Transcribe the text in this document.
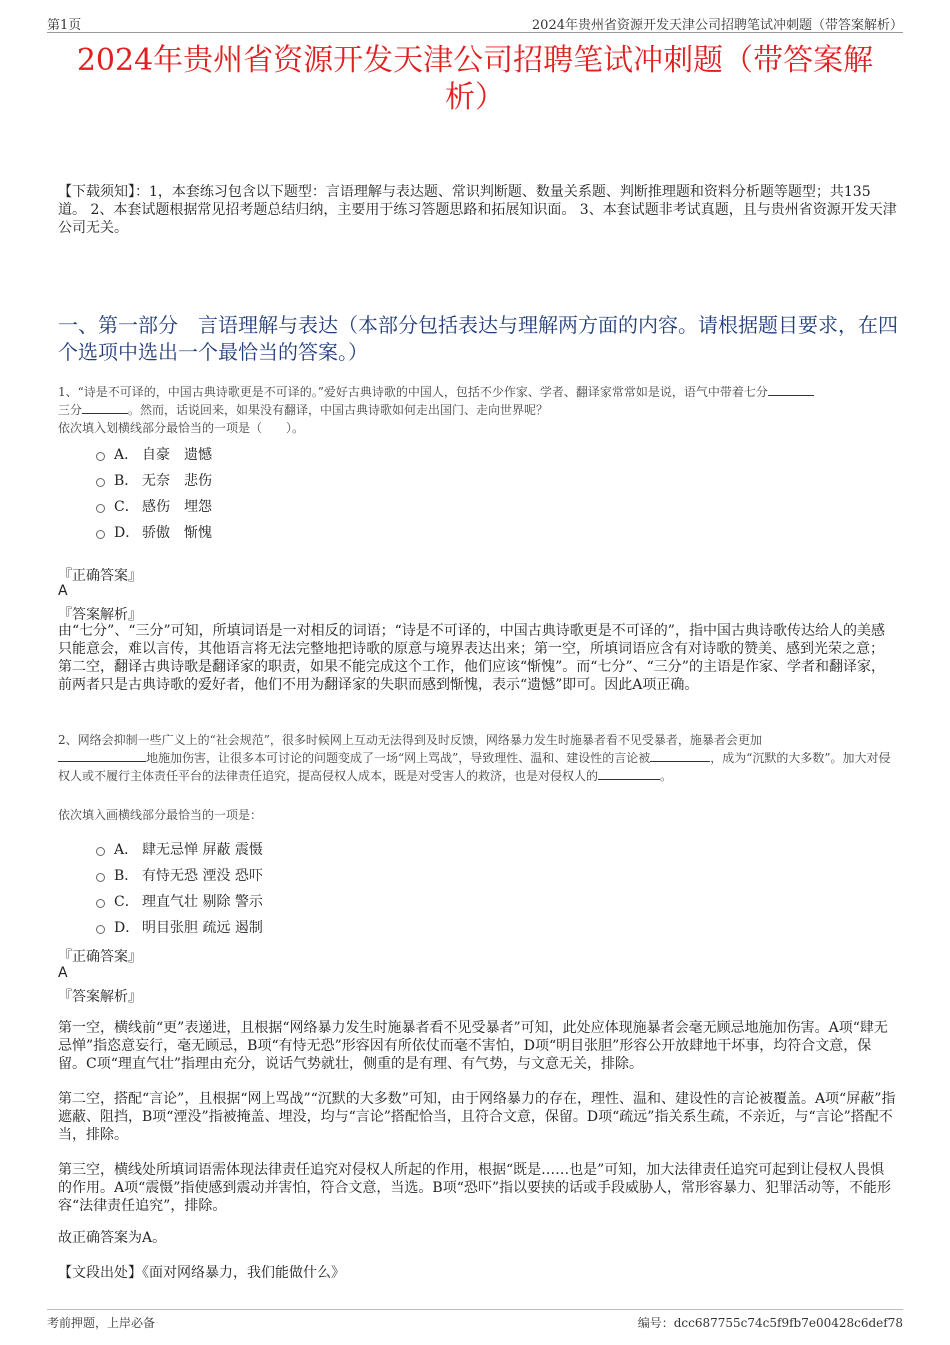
第1页	2024年贵州省资源开发天津公司招聘笔试冲刺题（带答案解析）
2024年贵州省资源开发天津公司招聘笔试冲刺题（带答案解析）
【下载须知】：1，本套练习包含以下题型：言语理解与表达题、常识判断题、数量关系题、判断推理题和资料分析题等题型；共135道。 2、本套试题根据常见招考题总结归纳，主要用于练习答题思路和拓展知识面。 3、本套试题非考试真题，且与贵州省资源开发天津公司无关。
一、第一部分　言语理解与表达（本部分包括表达与理解两方面的内容。请根据题目要求，在四个选项中选出一个最恰当的答案。）
1、“诗是不可译的，中国古典诗歌更是不可译的。”爱好古典诗歌的中国人，包括不少作家、学者、翻译家常常如是说，语气中带着七分
三分	。然而，话说回来，如果没有翻译，中国古典诗歌如何走出国门、走向世界呢？
依次填入划横线部分最恰当的一项是（　　）。
A． 自豪　遗憾
B． 无奈　悲伤
C． 感伤　埋怨
D． 骄傲　惭愧
『正确答案』
A
『答案解析』
由“七分”、“三分”可知，所填词语是一对相反的词语；“诗是不可译的，中国古典诗歌更是不可译的”，指中国古典诗歌传达给人的美感只能意会，难以言传，其他语言将无法完整地把诗歌的原意与境界表达出来；第一空，所填词语应含有对诗歌的赞美、感到光荣之意；第二空，翻译古典诗歌是翻译家的职责，如果不能完成这个工作，他们应该“惭愧”。而“七分”、“三分”的主语是作家、学者和翻译家，前两者只是古典诗歌的爱好者，他们不用为翻译家的失职而感到惭愧，表示“遗憾”即可。因此A项正确。
2、网络会抑制一些广义上的“社会规范”，很多时候网上互动无法得到及时反馈，网络暴力发生时施暴者看不见受暴者，施暴者会更加
地施加伤害，让很多本可讨论的问题变成了一场“网上骂战”，导致理性、温和、建设性的言论被	，成为“沉默的大多数”。加大对侵权人或不履行主体责任平台的法律责任追究，提高侵权人成本，既是对受害人的救济，也是对侵权人的	。
依次填入画横线部分最恰当的一项是：
A． 肆无忌惮 屏蔽 震慑
B． 有恃无恐 湮没 恐吓
C． 理直气壮 剔除 警示
D． 明目张胆 疏远 遏制
『正确答案』
A
『答案解析』
第一空，横线前“更”表递进，且根据“网络暴力发生时施暴者看不见受暴者”可知，此处应体现施暴者会毫无顾忌地施加伤害。A项“肆无忌惮”指恣意妄行，毫无顾忌，B项“有恃无恐”形容因有所依仗而毫不害怕，D项“明目张胆”形容公开放肆地干坏事，均符合文意，保留。C项“理直气壮”指理由充分，说话气势就壮，侧重的是有理、有气势，与文意无关，排除。
第二空，搭配“言论”，且根据“网上骂战”“沉默的大多数”可知，由于网络暴力的存在，理性、温和、建设性的言论被覆盖。A项“屏蔽”指遮蔽、阻挡，B项“湮没”指被掩盖、埋没，均与“言论”搭配恰当，且符合文意，保留。D项“疏远”指关系生疏，不亲近，与“言论”搭配不当，排除。
第三空，横线处所填词语需体现法律责任追究对侵权人所起的作用，根据“既是……也是”可知，加大法律责任追究可起到让侵权人畏惧的作用。A项“震慑”指使感到震动并害怕，符合文意，当选。B项“恐吓”指以要挟的话或手段威胁人，常形容暴力、犯罪活动等，不能形容“法律责任追究”，排除。
故正确答案为A。
【文段出处】《面对网络暴力，我们能做什么》
考前押题，上岸必备	编号：dcc687755c74c5f9fb7e00428c6def78
